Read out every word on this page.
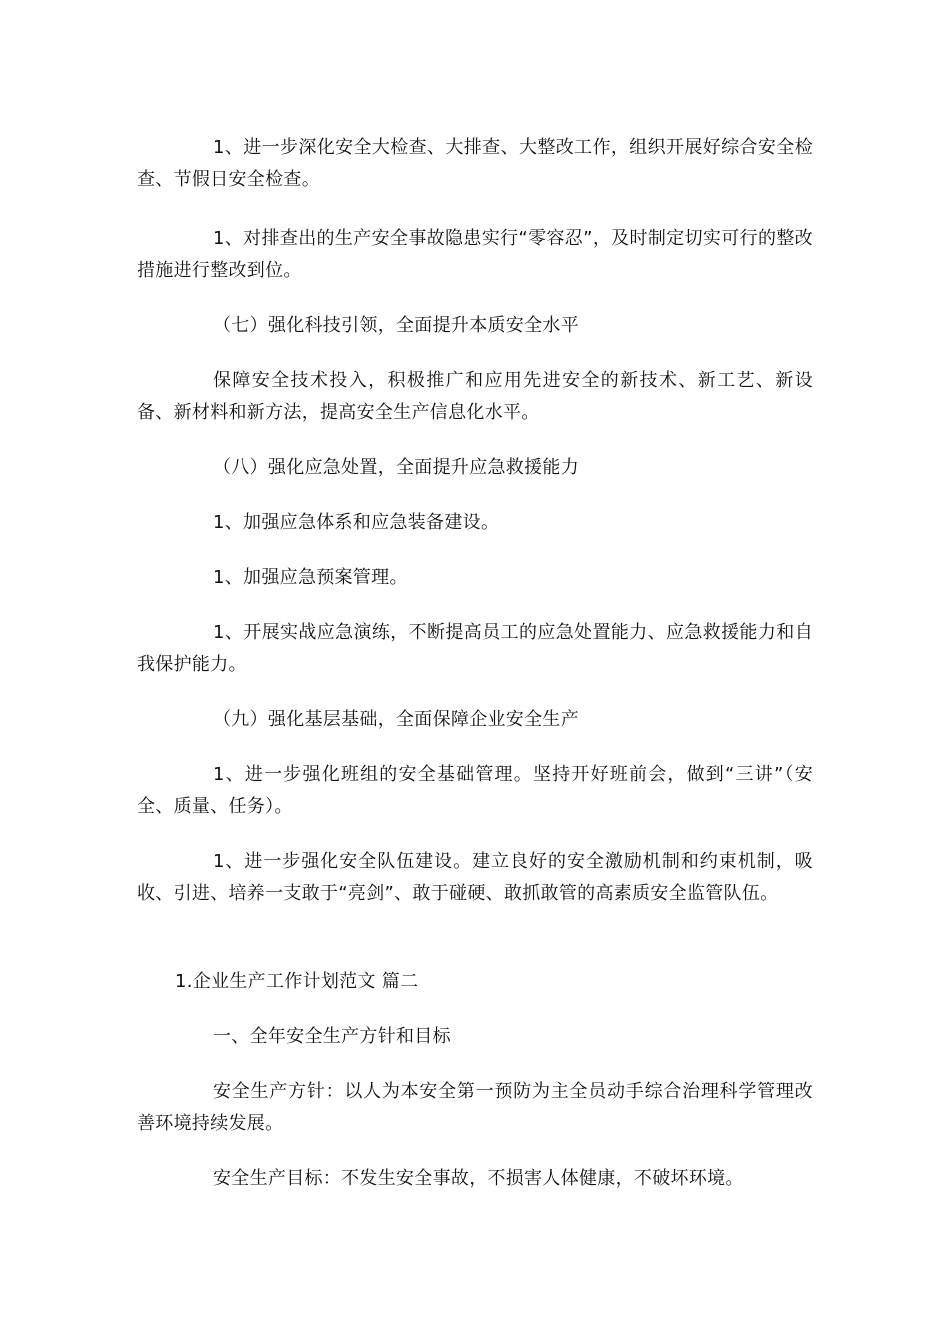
1、进一步深化安全大检查、大排查、大整改工作，组织开展好综合安全检查、节假日安全检查。

1、对排查出的生产安全事故隐患实行“零容忍”，及时制定切实可行的整改措施进行整改到位。

（七）强化科技引领，全面提升本质安全水平

保障安全技术投入，积极推广和应用先进安全的新技术、新工艺、新设备、新材料和新方法，提高安全生产信息化水平。

（八）强化应急处置，全面提升应急救援能力

1、加强应急体系和应急装备建设。

1、加强应急预案管理。

1、开展实战应急演练，不断提高员工的应急处置能力、应急救援能力和自我保护能力。

（九）强化基层基础，全面保障企业安全生产

1、进一步强化班组的安全基础管理。坚持开好班前会，做到“三讲”（安全、质量、任务）。

1、进一步强化安全队伍建设。建立良好的安全激励机制和约束机制，吸收、引进、培养一支敢于“亮剑”、敢于碰硬、敢抓敢管的高素质安全监管队伍。

1.企业生产工作计划范文 篇二

一、全年安全生产方针和目标

安全生产方针：以人为本安全第一预防为主全员动手综合治理科学管理改善环境持续发展。

安全生产目标：不发生安全事故，不损害人体健康，不破坏环境。
